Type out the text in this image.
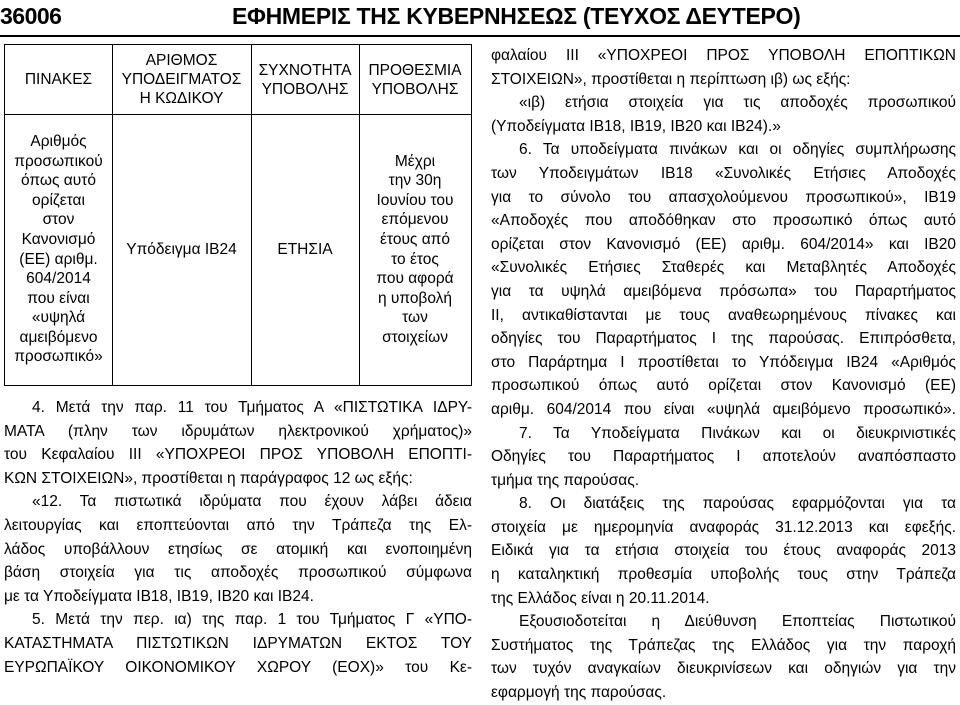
36006	ΕΦΗΜΕΡΙΣ ΤΗΣ ΚΥΒΕΡΝΗΣΕΩΣ (ΤΕΥΧΟΣ ΔΕΥΤΕΡΟ)
ΠΙΝΑΚΕΣ
ΑΡΙΘΜΟΣ
ΥΠΟΔΕΙΓΜΑΤΟΣ
Η ΚΩΔΙΚΟΥ
ΣΥΧΝΟΤΗΤΑ
ΥΠΟΒΟΛΗΣ
ΠΡΟΘΕΣΜΙΑ
ΥΠΟΒΟΛΗΣ
Αριθμός
προσωπικού
όπως αυτό
ορίζεται
στον
Κανονισμό
(ΕΕ) αριθμ.
604/2014
που είναι
«υψηλά
αμειβόμενο
προσωπικό»
Υπόδειγμα ΙΒ24	ΕΤΗΣΙΑ
Μέχρι
την 30η
Ιουνίου του
επόμενου
έτους από
το έτος
που αφορά
η υποβολή
των
στοιχείων
4. Μετά την παρ. 11 του Τμήματος Α «ΠΙΣΤΩΤΙΚΑ ΙΔΡΥ-
ΜΑΤΑ (πλην των ιδρυμάτων ηλεκτρονικού χρήματος)»
του Κεφαλαίου ΙΙΙ «ΥΠΟΧΡΕΟΙ ΠΡΟΣ ΥΠΟΒΟΛΗ ΕΠΟΠΤΙ-
ΚΩΝ ΣΤΟΙΧΕΙΩΝ», προστίθεται η παράγραφος 12 ως εξής:
«12. Τα πιστωτικά ιδρύματα που έχουν λάβει άδεια
λειτουργίας και εποπτεύονται από την Τράπεζα της Ελ-
λάδος υποβάλλουν ετησίως σε ατομική και ενοποιημένη
βάση στοιχεία για τις αποδοχές προσωπικού σύμφωνα
με τα Υποδείγματα ΙΒ18, ΙΒ19, ΙΒ20 και ΙΒ24.
5. Μετά την περ. ια) της παρ. 1 του Τμήματος Γ «ΥΠΟ-
ΚΑΤΑΣΤΗΜΑΤΑ ΠΙΣΤΩΤΙΚΩΝ ΙΔΡΥΜΑΤΩΝ ΕΚΤΟΣ ΤΟΥ
ΕΥΡΩΠΑΪΚΟΥ ΟΙΚΟΝΟΜΙΚΟΥ ΧΩΡΟΥ (ΕΟΧ)» του Κε-
φαλαίου ΙΙΙ «ΥΠΟΧΡΕΟΙ ΠΡΟΣ ΥΠΟΒΟΛΗ ΕΠΟΠΤΙΚΩΝ
ΣΤΟΙΧΕΙΩΝ», προστίθεται η περίπτωση ιβ) ως εξής:
«ιβ) ετήσια στοιχεία για τις αποδοχές προσωπικού
(Υποδείγματα ΙΒ18, ΙΒ19, ΙΒ20 και ΙΒ24).»
6. Τα υποδείγματα πινάκων και οι οδηγίες συμπλήρωσης
των Υποδειγμάτων ΙΒ18 «Συνολικές Ετήσιες Αποδοχές
για το σύνολο του απασχολούμενου προσωπικού», ΙΒ19
«Αποδοχές που αποδόθηκαν στο προσωπικό όπως αυτό
ορίζεται στον Κανονισμό (ΕΕ) αριθμ. 604/2014» και ΙΒ20
«Συνολικές Ετήσιες Σταθερές και Μεταβλητές Αποδοχές
για τα υψηλά αμειβόμενα πρόσωπα» του Παραρτήματος
ΙΙ, αντικαθίστανται με τους αναθεωρημένους πίνακες και
οδηγίες του Παραρτήματος Ι της παρούσας. Επιπρόσθετα,
στο Παράρτημα Ι προστίθεται το Υπόδειγμα ΙΒ24 «Αριθμός
προσωπικού όπως αυτό ορίζεται στον Κανονισμό (ΕΕ)
αριθμ. 604/2014 που είναι «υψηλά αμειβόμενο προσωπικό».
7. Τα Υποδείγματα Πινάκων και οι διευκρινιστικές
Οδηγίες του Παραρτήματος Ι αποτελούν αναπόσπαστο
τμήμα της παρούσας.
8. Οι διατάξεις της παρούσας εφαρμόζονται για τα
στοιχεία με ημερομηνία αναφοράς 31.12.2013 και εφεξής.
Ειδικά για τα ετήσια στοιχεία του έτους αναφοράς 2013
η καταληκτική προθεσμία υποβολής τους στην Τράπεζα
της Ελλάδος είναι η 20.11.2014.
Εξουσιοδοτείται η Διεύθυνση Εποπτείας Πιστωτικού
Συστήματος της Τράπεζας της Ελλάδος για την παροχή
των τυχόν αναγκαίων διευκρινίσεων και οδηγιών για την
εφαρμογή της παρούσας.
